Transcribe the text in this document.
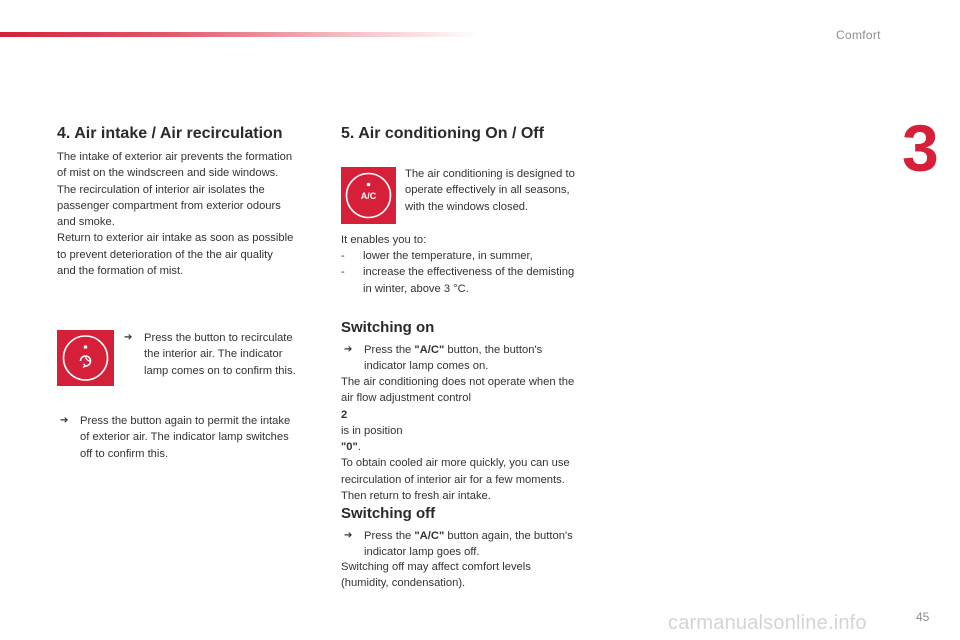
Comfort
3
4. Air intake / Air recirculation
The intake of exterior air prevents the formation
of mist on the windscreen and side windows.
The recirculation of interior air isolates the
passenger compartment from exterior odours
and smoke.
Return to exterior air intake as soon as possible
to prevent deterioration of the the air quality
and the formation of mist.
➔ Press the button to recirculate
the interior air. The indicator
lamp comes on to confirm this.
➔ Press the button again to permit the intake
of exterior air. The indicator lamp switches
off to confirm this.
5. Air conditioning On / Off
A/C
The air conditioning is designed to
operate effectively in all seasons,
with the windows closed.
It enables you to:
- lower the temperature, in summer,
- increase the effectiveness of the demisting
in winter, above 3 °C.
Switching on
➔ Press the "A/C" button, the button's
indicator lamp comes on.
The air conditioning does not operate when the
air flow adjustment control
2
is in position
"0".
To obtain cooled air more quickly, you can use
recirculation of interior air for a few moments.
Then return to fresh air intake.
Switching off
➔ Press the "A/C" button again, the button's
indicator lamp goes off.
Switching off may affect comfort levels
(humidity, condensation).
carmanualsonline.info	45
